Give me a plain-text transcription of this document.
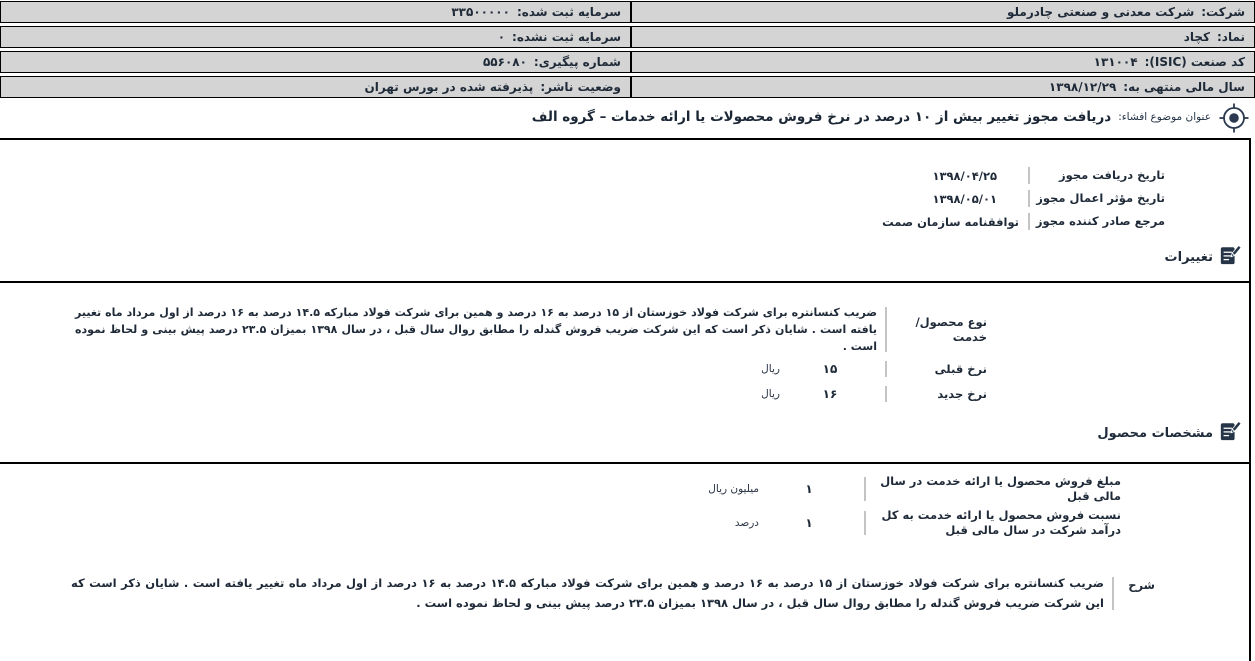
شرکت:
شرکت معدنی و صنعتی چادرملو
سرمایه ثبت شده:
۳۳۵۰۰۰۰۰
نماد:
کچاد
سرمایه ثبت نشده:
۰
کد صنعت (ISIC):
۱۳۱۰۰۴
شماره پیگیری:
۵۵۶۰۸۰
سال مالی منتهی به:
۱۳۹۸/۱۲/۲۹
وضعیت ناشر:
پذیرفته شده در بورس تهران
عنوان موضوع افشاء:
دریافت مجوز تغییر بیش از ۱۰ درصد در نرخ فروش محصولات یا ارائه خدمات – گروه الف
تاریخ دریافت مجوز
۱۳۹۸/۰۴/۲۵
تاریخ مؤثر اعمال مجوز
۱۳۹۸/۰۵/۰۱
مرجع صادر کننده مجوز
توافقنامه سازمان صمت
تغییرات
نوع محصول/خدمت
ضریب کنسانتره برای شرکت فولاد خوزستان از ۱۵ درصد به ۱۶ درصد و همین برای شرکت فولاد مبارکه ۱۴.۵ درصد به ۱۶ درصد از اول مرداد ماه تغییر یافته است . شایان ذکر است که این شرکت ضریب فروش گندله را مطابق روال سال قبل ، در سال ۱۳۹۸ بمیزان ۲۳.۵ درصد پیش بینی و لحاظ نموده است .
نرخ قبلی
۱۵
ریال
نرخ جدید
۱۶
ریال
مشخصات محصول
مبلغ فروش محصول یا ارائه خدمت در سال مالی قبل
۱
میلیون ریال
نسبت فروش محصول یا ارائه خدمت به کل درآمد شرکت در سال مالی قبل
۱
درصد
شرح
ضریب کنسانتره برای شرکت فولاد خوزستان از ۱۵ درصد به ۱۶ درصد و همین برای شرکت فولاد مبارکه ۱۴.۵ درصد به ۱۶ درصد از اول مرداد ماه تغییر یافته است . شایان ذکر است که این شرکت ضریب فروش گندله را مطابق روال سال قبل ، در سال ۱۳۹۸ بمیزان ۲۳.۵ درصد پیش بینی و لحاظ نموده است .
